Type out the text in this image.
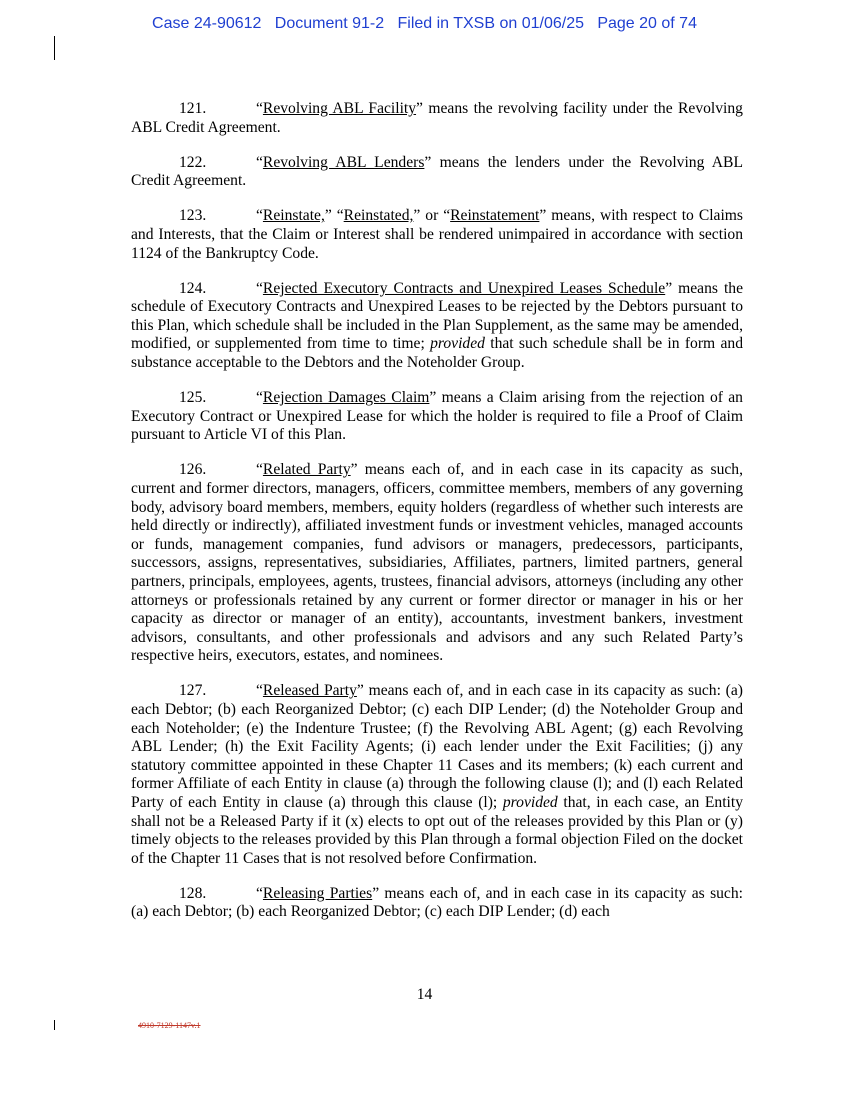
Case 24-90612   Document 91-2   Filed in TXSB on 01/06/25   Page 20 of 74

121.	“Revolving ABL Facility” means the revolving facility under the Revolving ABL Credit Agreement.

122.	“Revolving ABL Lenders” means the lenders under the Revolving ABL Credit Agreement.

123.	“Reinstate,” “Reinstated,” or “Reinstatement” means, with respect to Claims and Interests, that the Claim or Interest shall be rendered unimpaired in accordance with section 1124 of the Bankruptcy Code.

124.	“Rejected Executory Contracts and Unexpired Leases Schedule” means the schedule of Executory Contracts and Unexpired Leases to be rejected by the Debtors pursuant to this Plan, which schedule shall be included in the Plan Supplement, as the same may be amended, modified, or supplemented from time to time; provided that such schedule shall be in form and substance acceptable to the Debtors and the Noteholder Group.

125.	“Rejection Damages Claim” means a Claim arising from the rejection of an Executory Contract or Unexpired Lease for which the holder is required to file a Proof of Claim pursuant to Article VI of this Plan.

126.	“Related Party” means each of, and in each case in its capacity as such, current and former directors, managers, officers, committee members, members of any governing body, advisory board members, members, equity holders (regardless of whether such interests are held directly or indirectly), affiliated investment funds or investment vehicles, managed accounts or funds, management companies, fund advisors or managers, predecessors, participants, successors, assigns, representatives, subsidiaries, Affiliates, partners, limited partners, general partners, principals, employees, agents, trustees, financial advisors, attorneys (including any other attorneys or professionals retained by any current or former director or manager in his or her capacity as director or manager of an entity), accountants, investment bankers, investment advisors, consultants, and other professionals and advisors and any such Related Party’s respective heirs, executors, estates, and nominees.

127.	“Released Party” means each of, and in each case in its capacity as such: (a) each Debtor; (b) each Reorganized Debtor; (c) each DIP Lender; (d) the Noteholder Group and each Noteholder; (e) the Indenture Trustee; (f) the Revolving ABL Agent; (g) each Revolving ABL Lender; (h) the Exit Facility Agents; (i) each lender under the Exit Facilities; (j) any statutory committee appointed in these Chapter 11 Cases and its members; (k) each current and former Affiliate of each Entity in clause (a) through the following clause (l); and (l) each Related Party of each Entity in clause (a) through this clause (l); provided that, in each case, an Entity shall not be a Released Party if it (x) elects to opt out of the releases provided by this Plan or (y) timely objects to the releases provided by this Plan through a formal objection Filed on the docket of the Chapter 11 Cases that is not resolved before Confirmation.

128.	“Releasing Parties” means each of, and in each case in its capacity as such: (a) each Debtor; (b) each Reorganized Debtor; (c) each DIP Lender; (d) each

14
4910-7129-1147v.1
